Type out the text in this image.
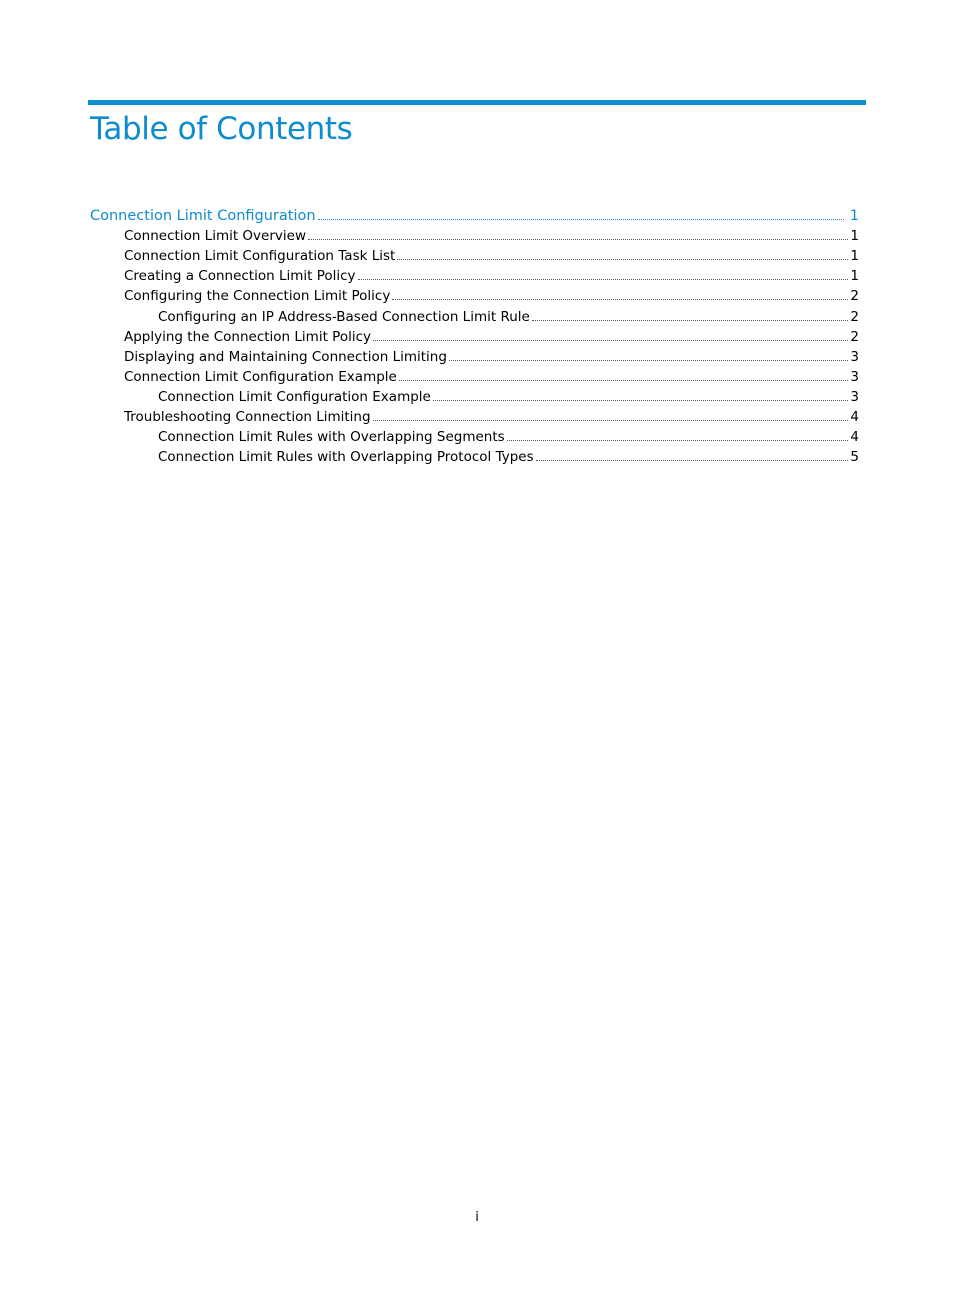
Table of Contents
Connection Limit Configuration	1
Connection Limit Overview	1
Connection Limit Configuration Task List	1
Creating a Connection Limit Policy	1
Configuring the Connection Limit Policy	2
Configuring an IP Address-Based Connection Limit Rule	2
Applying the Connection Limit Policy	2
Displaying and Maintaining Connection Limiting	3
Connection Limit Configuration Example	3
Connection Limit Configuration Example	3
Troubleshooting Connection Limiting	4
Connection Limit Rules with Overlapping Segments	4
Connection Limit Rules with Overlapping Protocol Types	5
i
